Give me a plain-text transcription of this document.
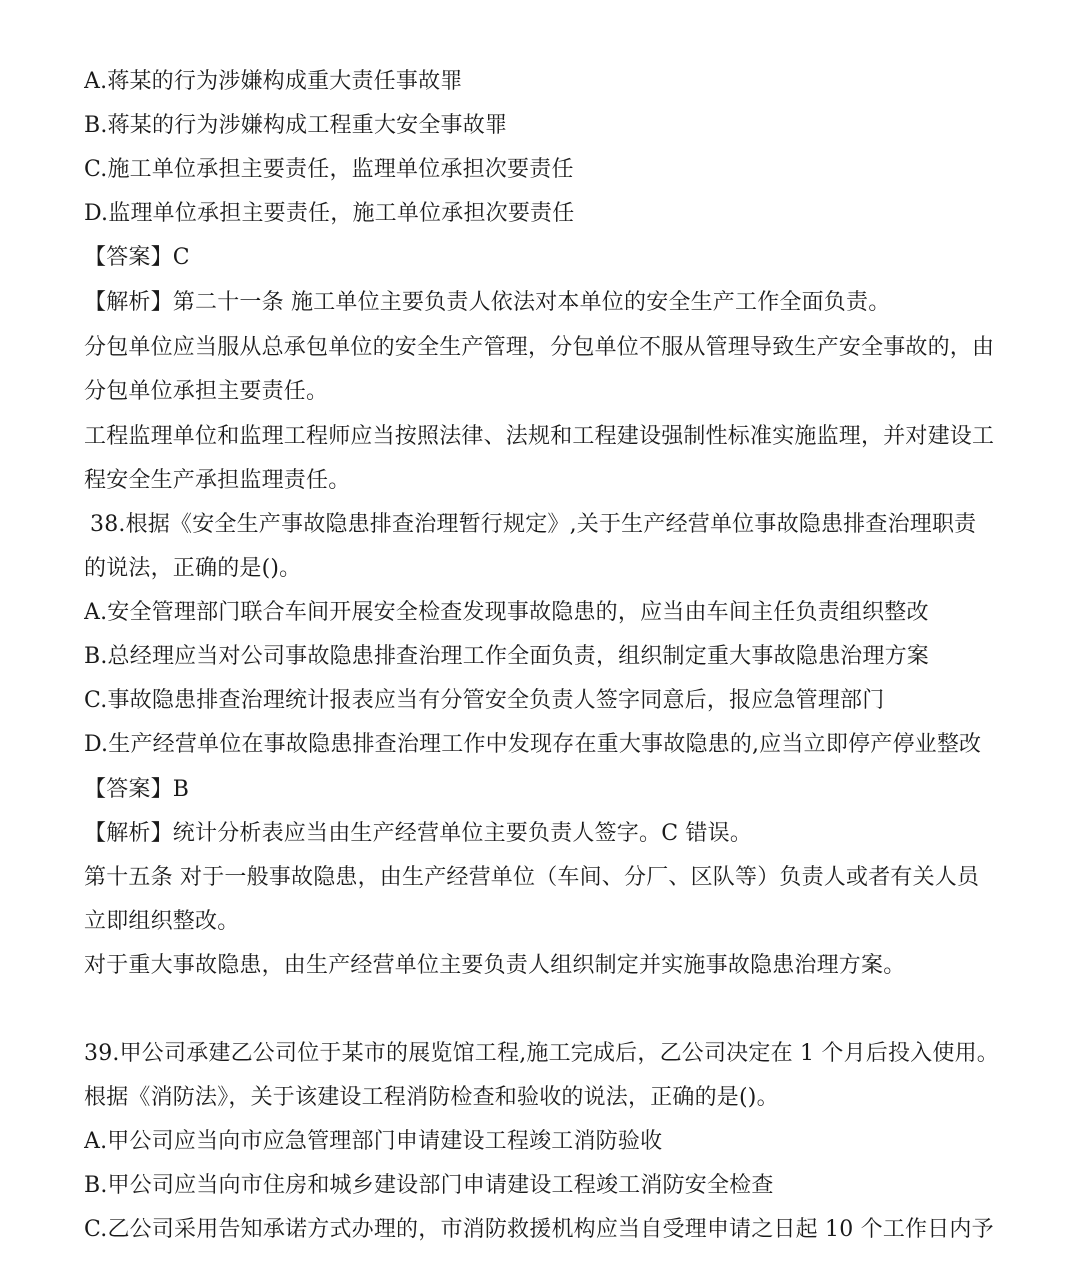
A.蒋某的行为涉嫌构成重大责任事故罪
B.蒋某的行为涉嫌构成工程重大安全事故罪
C.施工单位承担主要责任，监理单位承担次要责任
D.监理单位承担主要责任，施工单位承担次要责任
【答案】C
【解析】第二十一条 施工单位主要负责人依法对本单位的安全生产工作全面负责。
分包单位应当服从总承包单位的安全生产管理，分包单位不服从管理导致生产安全事故的，由
分包单位承担主要责任。
工程监理单位和监理工程师应当按照法律、法规和工程建设强制性标准实施监理，并对建设工
程安全生产承担监理责任。
38.根据《安全生产事故隐患排查治理暂行规定》,关于生产经营单位事故隐患排查治理职责
的说法，正确的是()。
A.安全管理部门联合车间开展安全检查发现事故隐患的，应当由车间主任负责组织整改
B.总经理应当对公司事故隐患排查治理工作全面负责，组织制定重大事故隐患治理方案
C.事故隐患排查治理统计报表应当有分管安全负责人签字同意后，报应急管理部门
D.生产经营单位在事故隐患排查治理工作中发现存在重大事故隐患的,应当立即停产停业整改
【答案】B
【解析】统计分析表应当由生产经营单位主要负责人签字。C 错误。
第十五条 对于一般事故隐患，由生产经营单位（车间、分厂、区队等）负责人或者有关人员
立即组织整改。
对于重大事故隐患，由生产经营单位主要负责人组织制定并实施事故隐患治理方案。
39.甲公司承建乙公司位于某市的展览馆工程,施工完成后，乙公司决定在 1 个月后投入使用。
根据《消防法》，关于该建设工程消防检查和验收的说法，正确的是()。
A.甲公司应当向市应急管理部门申请建设工程竣工消防验收
B.甲公司应当向市住房和城乡建设部门申请建设工程竣工消防安全检查
C.乙公司采用告知承诺方式办理的，市消防救援机构应当自受理申请之日起 10 个工作日内予
